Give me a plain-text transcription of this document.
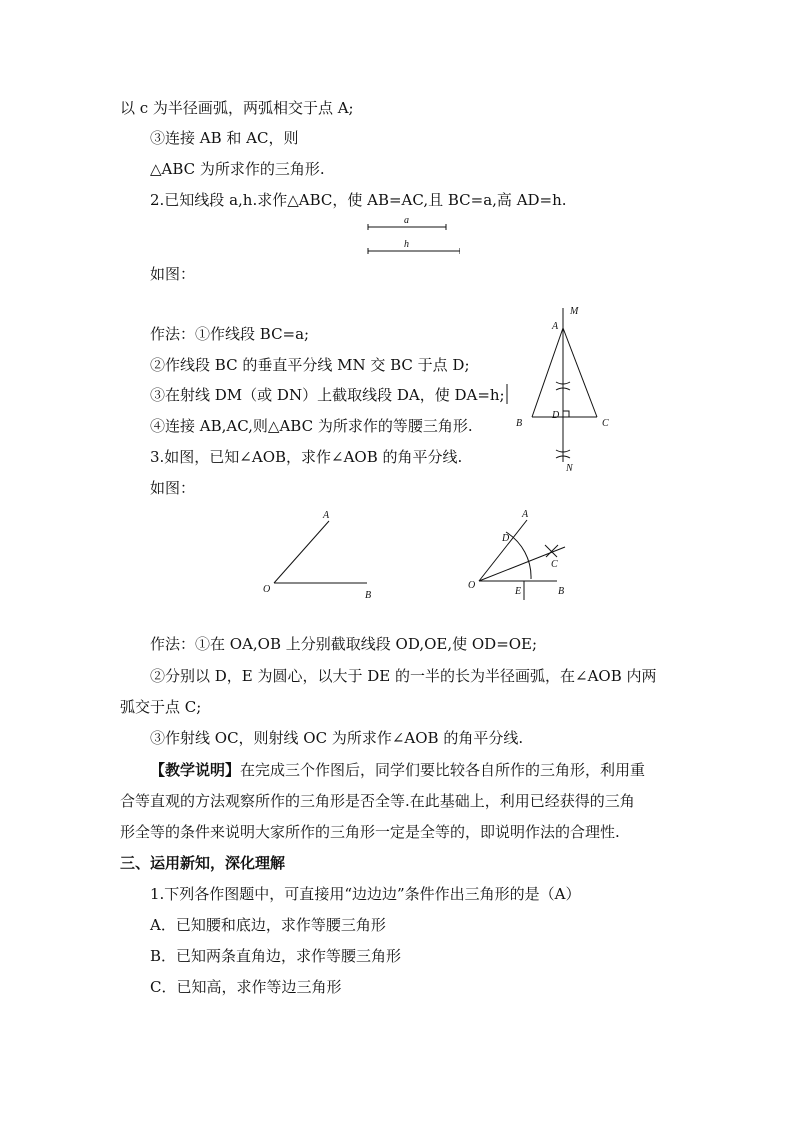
以 c 为半径画弧，两弧相交于点 A;
③连接 AB 和 AC，则
△ABC 为所求作的三角形.
2.已知线段 a,h.求作△ABC，使 AB=AC,且 BC=a,高 AD=h.
a
h
如图：
作法：①作线段 BC=a;
②作线段 BC 的垂直平分线 MN 交 BC 于点 D;
③在射线 DM（或 DN）上截取线段 DA，使 DA=h;
④连接 AB,AC,则△ABC 为所求作的等腰三角形.
M
A
D
B	C
N
3.如图，已知∠AOB，求作∠AOB 的角平分线.
如图：
A
O
B
A
D
C
O
E	B
作法：①在 OA,OB 上分别截取线段 OD,OE,使 OD=OE;
②分别以 D，E 为圆心，以大于 DE 的一半的长为半径画弧，在∠AOB 内两
弧交于点 C;
③作射线 OC，则射线 OC 为所求作∠AOB 的角平分线.
【教学说明】在完成三个作图后，同学们要比较各自所作的三角形，利用重
合等直观的方法观察所作的三角形是否全等.在此基础上，利用已经获得的三角
形全等的条件来说明大家所作的三角形一定是全等的，即说明作法的合理性.
三、运用新知，深化理解
1.下列各作图题中，可直接用“边边边”条件作出三角形的是（A）
A．已知腰和底边，求作等腰三角形
B．已知两条直角边，求作等腰三角形
C．已知高，求作等边三角形
